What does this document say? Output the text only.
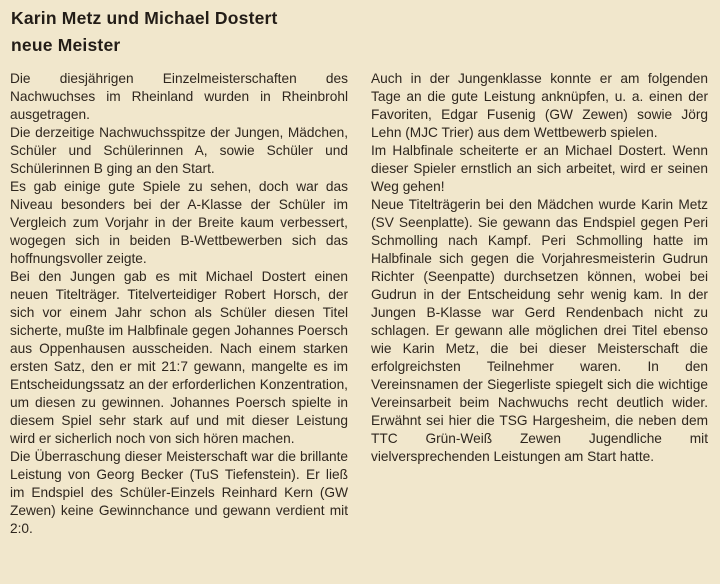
Karin Metz und Michael Dostert
neue Meister

Die diesjährigen Einzelmeisterschaften des Nachwuchses im Rheinland wurden in Rheinbrohl ausgetragen.

Die derzeitige Nachwuchsspitze der Jungen, Mädchen, Schüler und Schülerinnen A, sowie Schüler und Schülerinnen B ging an den Start.

Es gab einige gute Spiele zu sehen, doch war das Niveau besonders bei der A-Klasse der Schüler im Vergleich zum Vorjahr in der Breite kaum verbessert, wogegen sich in beiden B-Wettbewerben sich das hoffnungsvoller zeigte.

Bei den Jungen gab es mit Michael Dostert einen neuen Titelträger. Titelverteidiger Robert Horsch, der sich vor einem Jahr schon als Schüler diesen Titel sicherte, mußte im Halbfinale gegen Johannes Poersch aus Oppenhausen ausscheiden. Nach einem starken ersten Satz, den er mit 21:7 gewann, mangelte es im Entscheidungssatz an der erforderlichen Konzentration, um diesen zu gewinnen. Johannes Poersch spielte in diesem Spiel sehr stark auf und mit dieser Leistung wird er sicherlich noch von sich hören machen.

Die Überraschung dieser Meisterschaft war die brillante Leistung von Georg Becker (TuS Tiefenstein). Er ließ im Endspiel des Schüler-Einzels Reinhard Kern (GW Zewen) keine Gewinnchance und gewann verdient mit 2:0.

Auch in der Jungenklasse konnte er am folgenden Tage an die gute Leistung anknüpfen, u. a. einen der Favoriten, Edgar Fusenig (GW Zewen) sowie Jörg Lehn (MJC Trier) aus dem Wettbewerb spielen.

Im Halbfinale scheiterte er an Michael Dostert. Wenn dieser Spieler ernstlich an sich arbeitet, wird er seinen Weg gehen!

Neue Titelträgerin bei den Mädchen wurde Karin Metz (SV Seenplatte). Sie gewann das Endspiel gegen Peri Schmolling nach Kampf. Peri Schmolling hatte im Halbfinale sich gegen die Vorjahresmeisterin Gudrun Richter (Seenpatte) durchsetzen können, wobei bei Gudrun in der Entscheidung sehr wenig kam. In der Jungen B-Klasse war Gerd Rendenbach nicht zu schlagen. Er gewann alle möglichen drei Titel ebenso wie Karin Metz, die bei dieser Meisterschaft die erfolgreichsten Teilnehmer waren. In den Vereinsnamen der Siegerliste spiegelt sich die wichtige Vereinsarbeit beim Nachwuchs recht deutlich wider. Erwähnt sei hier die TSG Hargesheim, die neben dem TTC Grün-Weiß Zewen Jugendliche mit vielversprechenden Leistungen am Start hatte.
